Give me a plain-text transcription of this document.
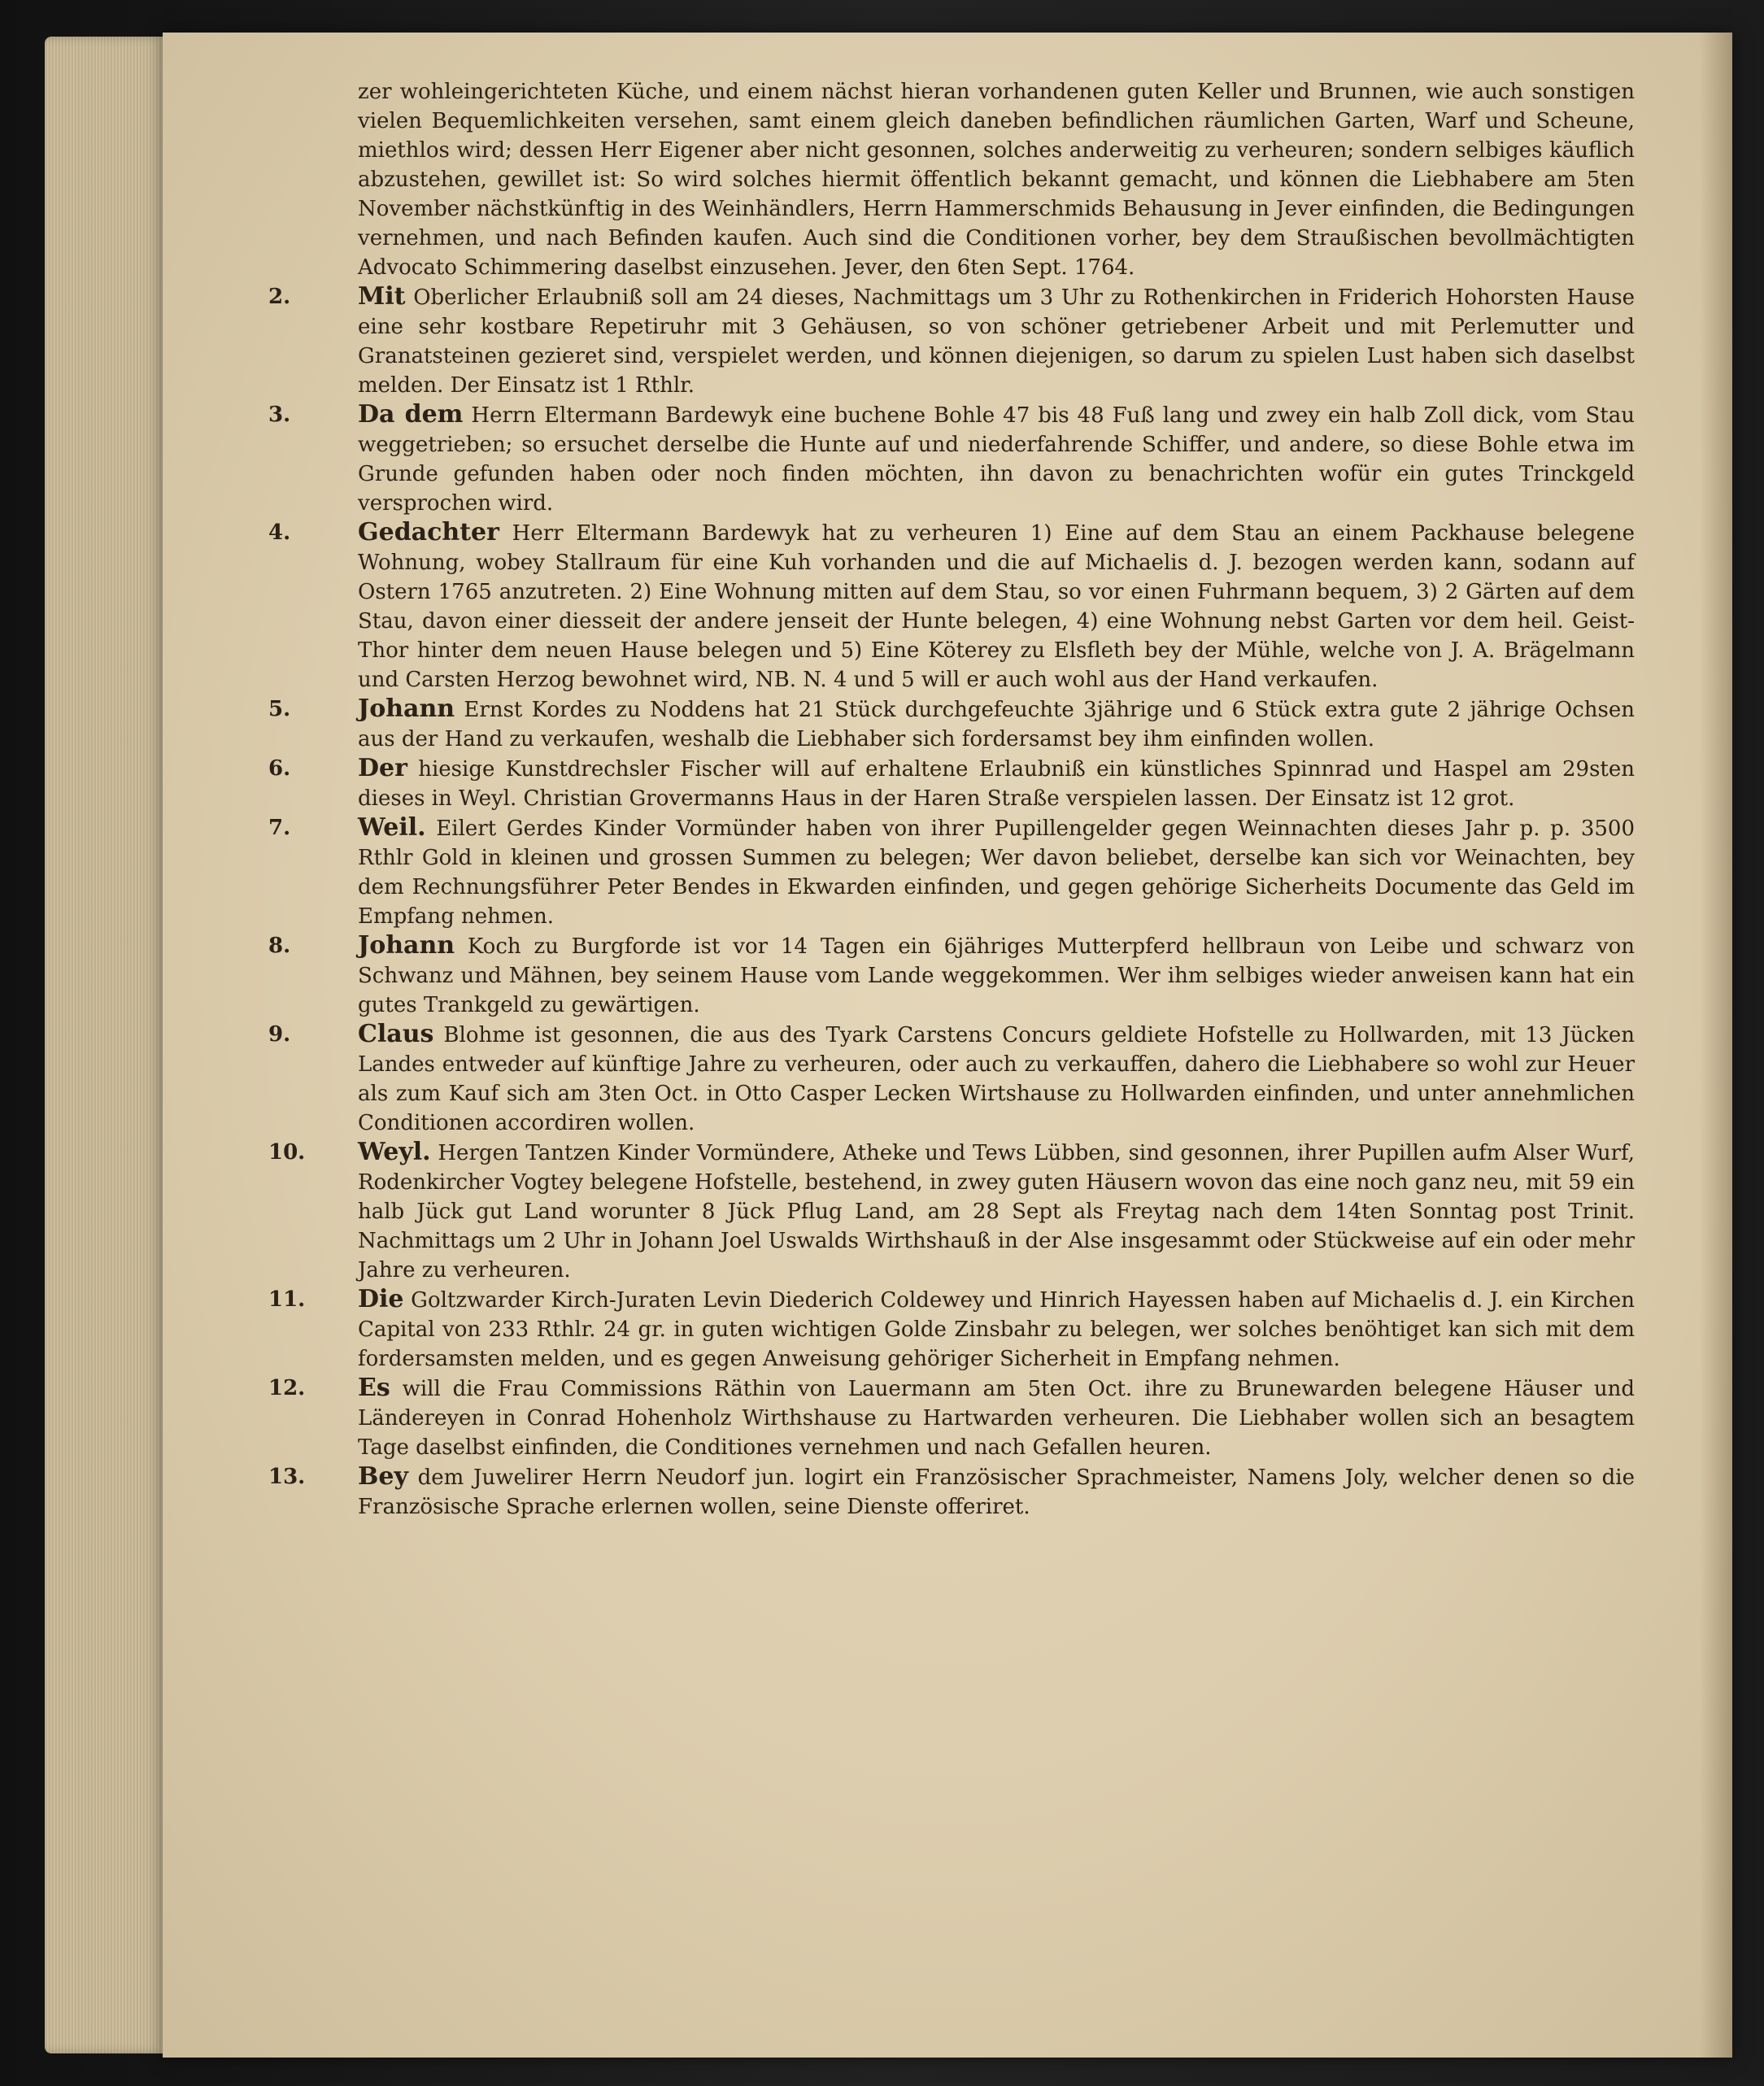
zer wohleingerichteten Küche, und einem nächst hieran vorhandenen guten Keller und Brunnen, wie auch sonstigen vielen Bequemlichkeiten versehen, samt einem gleich daneben befindlichen räumlichen Garten, Warf und Scheune, miethlos wird; dessen Herr Eigener aber nicht gesonnen, solches anderweitig zu verheuren; sondern selbiges käuflich abzustehen, gewillet ist: So wird solches hiermit öffentlich bekannt gemacht, und können die Liebhabere am 5ten November nächstkünftig in des Weinhändlers, Herrn Hammerschmids Behausung in Jever einfinden, die Bedingungen vernehmen, und nach Befinden kaufen. Auch sind die Conditionen vorher, bey dem Straußischen bevollmächtigten Advocato Schimmering daselbst einzusehen. Jever, den 6ten Sept. 1764.
2.	Mit Oberlicher Erlaubniß soll am 24 dieses, Nachmittags um 3 Uhr zu Rothenkirchen in Friderich Hohorsten Hause eine sehr kostbare Repetiruhr mit 3 Gehäusen, so von schöner getriebener Arbeit und mit Perlemutter und Granatsteinen gezieret sind, verspielet werden, und können diejenigen, so darum zu spielen Lust haben sich daselbst melden. Der Einsatz ist 1 Rthlr.
3.	Da dem Herrn Eltermann Bardewyk eine buchene Bohle 47 bis 48 Fuß lang und zwey ein halb Zoll dick, vom Stau weggetrieben; so ersuchet derselbe die Hunte auf und niederfahrende Schiffer, und andere, so diese Bohle etwa im Grunde gefunden haben oder noch finden möchten, ihn davon zu benachrichten wofür ein gutes Trinckgeld versprochen wird.
4.	Gedachter Herr Eltermann Bardewyk hat zu verheuren 1) Eine auf dem Stau an einem Packhause belegene Wohnung, wobey Stallraum für eine Kuh vorhanden und die auf Michaelis d. J. bezogen werden kann, sodann auf Ostern 1765 anzutreten. 2) Eine Wohnung mitten auf dem Stau, so vor einen Fuhrmann bequem, 3) 2 Gärten auf dem Stau, davon einer diesseit der andere jenseit der Hunte belegen, 4) eine Wohnung nebst Garten vor dem heil. Geist-Thor hinter dem neuen Hause belegen und 5) Eine Köterey zu Elsfleth bey der Mühle, welche von J. A. Brägelmann und Carsten Herzog bewohnet wird, NB. N. 4 und 5 will er auch wohl aus der Hand verkaufen.
5.	Johann Ernst Kordes zu Noddens hat 21 Stück durchgefeuchte 3jährige und 6 Stück extra gute 2 jährige Ochsen aus der Hand zu verkaufen, weshalb die Liebhaber sich fordersamst bey ihm einfinden wollen.
6.	Der hiesige Kunstdrechsler Fischer will auf erhaltene Erlaubniß ein künstliches Spinnrad und Haspel am 29sten dieses in Weyl. Christian Grovermanns Haus in der Haren Straße verspielen lassen. Der Einsatz ist 12 grot.
7.	Weil. Eilert Gerdes Kinder Vormünder haben von ihrer Pupillengelder gegen Weinnachten dieses Jahr p. p. 3500 Rthlr Gold in kleinen und grossen Summen zu belegen; Wer davon beliebet, derselbe kan sich vor Weinachten, bey dem Rechnungsführer Peter Bendes in Ekwarden einfinden, und gegen gehörige Sicherheits Documente das Geld im Empfang nehmen.
8.	Johann Koch zu Burgforde ist vor 14 Tagen ein 6jähriges Mutterpferd hellbraun von Leibe und schwarz von Schwanz und Mähnen, bey seinem Hause vom Lande weggekommen. Wer ihm selbiges wieder anweisen kann hat ein gutes Trankgeld zu gewärtigen.
9.	Claus Blohme ist gesonnen, die aus des Tyark Carstens Concurs geldiete Hofstelle zu Hollwarden, mit 13 Jücken Landes entweder auf künftige Jahre zu verheuren, oder auch zu verkauffen, dahero die Liebhabere so wohl zur Heuer als zum Kauf sich am 3ten Oct. in Otto Casper Lecken Wirtshause zu Hollwarden einfinden, und unter annehmlichen Conditionen accordiren wollen.
10.	Weyl. Hergen Tantzen Kinder Vormündere, Atheke und Tews Lübben, sind gesonnen, ihrer Pupillen aufm Alser Wurf, Rodenkircher Vogtey belegene Hofstelle, bestehend, in zwey guten Häusern wovon das eine noch ganz neu, mit 59 ein halb Jück gut Land worunter 8 Jück Pflug Land, am 28 Sept als Freytag nach dem 14ten Sonntag post Trinit. Nachmittags um 2 Uhr in Johann Joel Uswalds Wirthshauß in der Alse insgesammt oder Stückweise auf ein oder mehr Jahre zu verheuren.
11.	Die Goltzwarder Kirch-Juraten Levin Diederich Coldewey und Hinrich Hayessen haben auf Michaelis d. J. ein Kirchen Capital von 233 Rthlr. 24 gr. in guten wichtigen Golde Zinsbahr zu belegen, wer solches benöhtiget kan sich mit dem fordersamsten melden, und es gegen Anweisung gehöriger Sicherheit in Empfang nehmen.
12.	Es will die Frau Commissions Räthin von Lauermann am 5ten Oct. ihre zu Brunewarden belegene Häuser und Ländereyen in Conrad Hohenholz Wirthshause zu Hartwarden verheuren. Die Liebhaber wollen sich an besagtem Tage daselbst einfinden, die Conditiones vernehmen und nach Gefallen heuren.
13.	Bey dem Juwelirer Herrn Neudorf jun. logirt ein Französischer Sprachmeister, Namens Joly, welcher denen so die Französische Sprache erlernen wollen, seine Dienste offeriret.
